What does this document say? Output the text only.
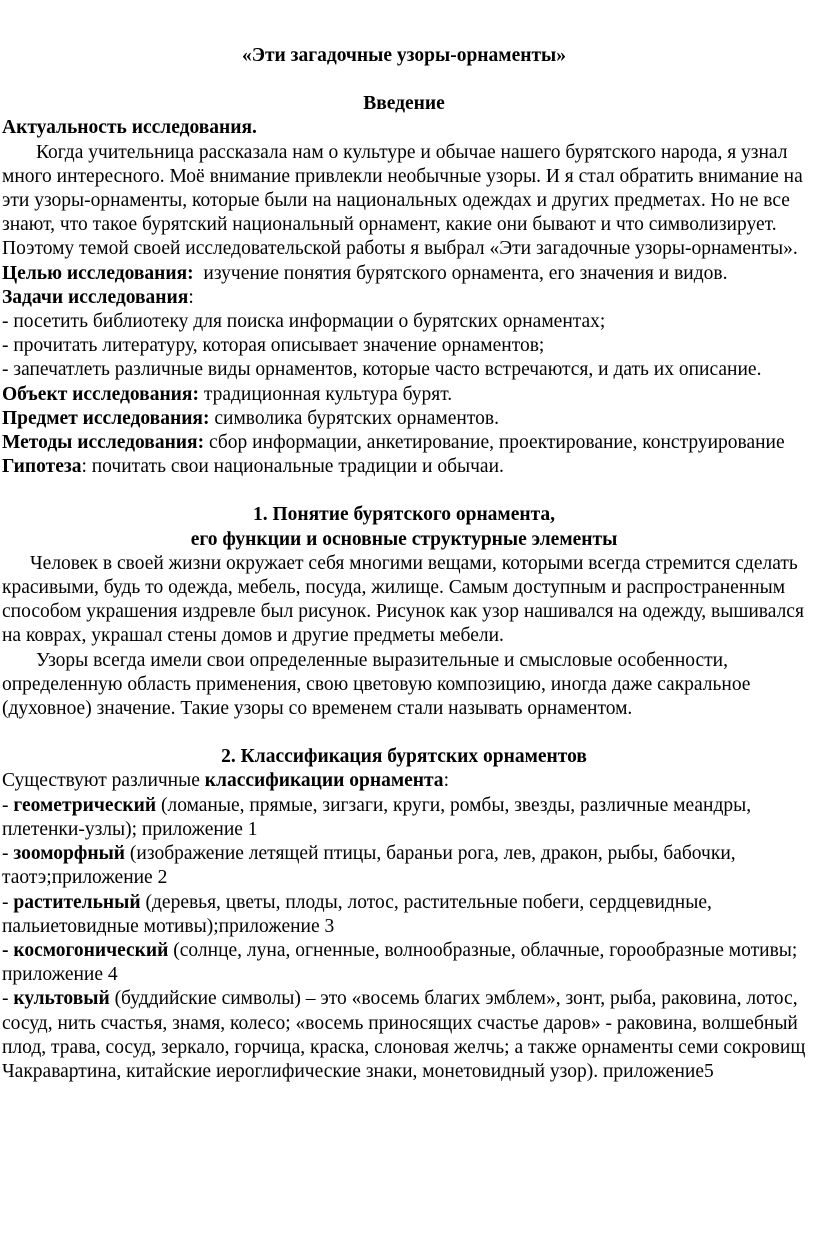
«Эти загадочные узоры-орнаменты»

Введение

Актуальность исследования.

Когда учительница рассказала нам о культуре и обычае нашего бурятского народа, я узнал много интересного. Моё внимание привлекли необычные узоры. И я стал обратить внимание на эти узоры-орнаменты, которые были на национальных одеждах и других предметах. Но не все знают, что такое бурятский национальный орнамент, какие они бывают и что символизирует. Поэтому темой своей исследовательской работы я выбрал «Эти загадочные узоры-орнаменты».

Целью исследования: изучение понятия бурятского орнамента, его значения и видов.

Задачи исследования:

- посетить библиотеку для поиска информации о бурятских орнаментах;

- прочитать литературу, которая описывает значение орнаментов;

- запечатлеть различные виды орнаментов, которые часто встречаются, и дать их описание.

Объект исследования: традиционная культура бурят.

Предмет исследования: символика бурятских орнаментов.

Методы исследования: сбор информации, анкетирование, проектирование, конструирование

Гипотеза: почитать свои национальные традиции и обычаи.

1. Понятие бурятского орнамента,

его функции и основные структурные элементы

Человек в своей жизни окружает себя многими вещами, которыми всегда стремится сделать красивыми, будь то одежда, мебель, посуда, жилище. Самым доступным и распространенным способом украшения издревле был рисунок. Рисунок как узор нашивался на одежду, вышивался на коврах, украшал стены домов и другие предметы мебели.

Узоры всегда имели свои определенные выразительные и смысловые особенности, определенную область применения, свою цветовую композицию, иногда даже сакральное (духовное) значение. Такие узоры со временем стали называть орнаментом.

2. Классификация бурятских орнаментов

Существуют различные классификации орнамента:

- геометрический (ломаные, прямые, зигзаги, круги, ромбы, звезды, различные меандры, плетенки-узлы); приложение 1

- зооморфный (изображение летящей птицы, бараньи рога, лев, дракон, рыбы, бабочки, таотэ;приложение 2

- растительный (деревья, цветы, плоды, лотос, растительные побеги, сердцевидные, пальиетовидные мотивы);приложение 3

- космогонический (солнце, луна, огненные, волнообразные, облачные, горообразные мотивы; приложение 4

- культовый (буддийские символы) – это «восемь благих эмблем», зонт, рыба, раковина, лотос, сосуд, нить счастья, знамя, колесо; «восемь приносящих счастье даров» - раковина, волшебный плод, трава, сосуд, зеркало, горчица, краска, слоновая желчь; а также орнаменты семи сокровищ Чакравартина, китайские иероглифические знаки, монетовидный узор). приложение5
